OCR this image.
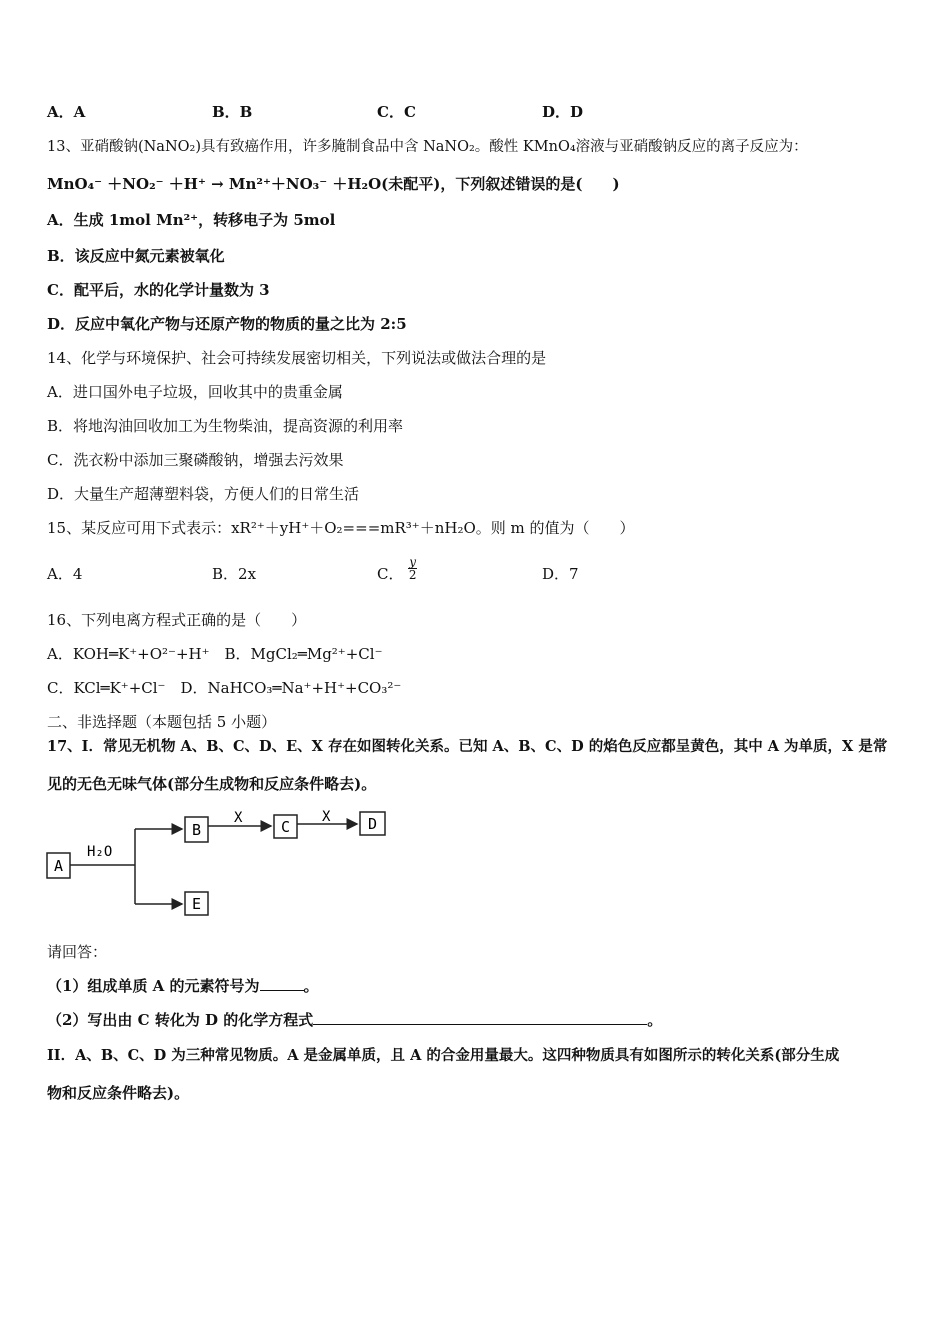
A．A	B．B	C．C	D．D
13、亚硝酸钠(NaNO₂)具有致癌作用，许多腌制食品中含 NaNO₂。酸性 KMnO₄溶液与亚硝酸钠反应的离子反应为：
MnO₄⁻ ＋NO₂⁻ ＋H⁺ → Mn²⁺＋NO₃⁻ ＋H₂O(未配平)，下列叙述错误的是(　　)
A．生成 1mol Mn²⁺，转移电子为 5mol
B．该反应中氮元素被氧化
C．配平后，水的化学计量数为 3
D．反应中氧化产物与还原产物的物质的量之比为 2:5
14、化学与环境保护、社会可持续发展密切相关，下列说法或做法合理的是
A．进口国外电子垃圾，回收其中的贵重金属
B．将地沟油回收加工为生物柴油，提高资源的利用率
C．洗衣粉中添加三聚磷酸钠，增强去污效果
D．大量生产超薄塑料袋，方便人们的日常生活
15、某反应可用下式表示：xR²⁺＋yH⁺＋O₂===mR³⁺＋nH₂O。则 m 的值为（　　）
A．4	B．2x	C． $\frac{y}{2}$	D．7
16、下列电离方程式正确的是（　　）
A．KOH═K⁺+O²⁻+H⁺　B．MgCl₂═Mg²⁺+Cl⁻
C．KCl═K⁺+Cl⁻　D．NaHCO₃═Na⁺+H⁺+CO₃²⁻
二、非选择题（本题包括 5 小题）
17、I．常见无机物 A、B、C、D、E、X 存在如图转化关系。已知 A、B、C、D 的焰色反应都呈黄色，其中 A 为单质，X 是常
见的无色无味气体(部分生成物和反应条件略去)。
A
H₂O
B
X	C
X	D
E
请回答：
（1）组成单质 A 的元素符号为	。
（2）写出由 C 转化为 D 的化学方程式	。
II．A、B、C、D 为三种常见物质。A 是金属单质，且 A 的合金用量最大。这四种物质具有如图所示的转化关系(部分生成
物和反应条件略去)。
